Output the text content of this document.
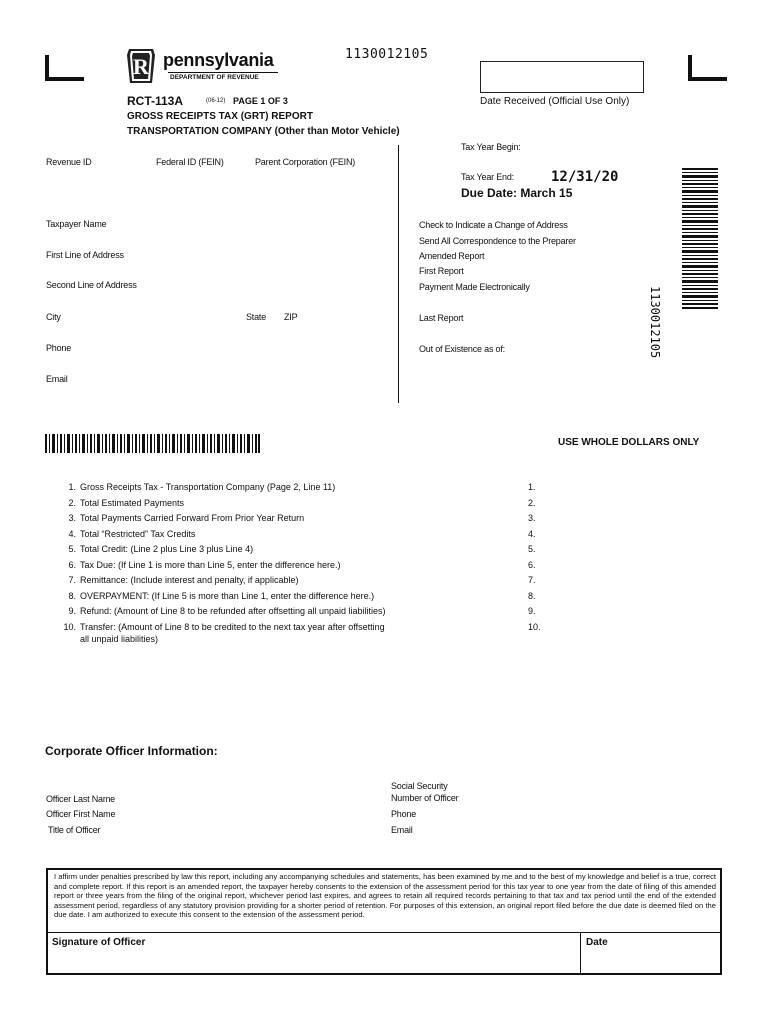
R pennsylvania
DEPARTMENT OF REVENUE
1130012105
Date Received (Official Use Only)
RCT-113A	(06-12) PAGE 1 OF 3
GROSS RECEIPTS TAX (GRT) REPORT
TRANSPORTATION COMPANY (Other than Motor Vehicle)
Revenue ID	Federal ID (FEIN)	Parent Corporation (FEIN)
Taxpayer Name
First Line of Address
Second Line of Address
City	State ZIP
Phone
Email
Tax Year Begin:
Tax Year End:	12/31/20
Due Date: March 15
Check to Indicate a Change of Address
Send All Correspondence to the Preparer
Amended Report
First Report
Payment Made Electronically
Last Report
Out of Existence as of:	1130012105
USE WHOLE DOLLARS ONLY
1. Gross Receipts Tax - Transportation Company (Page 2, Line 11)	1.
2. Total Estimated Payments	2.
3. Total Payments Carried Forward From Prior Year Return	3.
4. Total “Restricted” Tax Credits	4.
5. Total Credit: (Line 2 plus Line 3 plus Line 4)	5.
6. Tax Due: (If Line 1 is more than Line 5, enter the difference here.)	6.
7. Remittance: (Include interest and penalty, if applicable)	7.
8. OVERPAYMENT: (If Line 5 is more than Line 1, enter the difference here.)	8.
9. Refund: (Amount of Line 8 to be refunded after offsetting all unpaid liabilities)	9.
10. Transfer: (Amount of Line 8 to be credited to the next tax year after offsetting	10.
all unpaid liabilities)
Corporate Officer Information:
Officer Last Name
Officer First Name
Title of Officer
Social Security
Number of Officer
Phone
Email
I affirm under penalties prescribed by law this report, including any accompanying schedules and statements, has been examined by me and to the best of my knowledge and belief is a true, correct and complete report. If this report is an amended report, the taxpayer hereby consents to the extension of the assessment period for this tax year to one year from the date of filing of this amended report or three years from the filing of the original report, whichever period last expires, and agrees to retain all required records pertaining to that tax and tax period until the end of the extended assessment period, regardless of any statutory provision providing for a shorter period of retention. For purposes of this extension, an original report filed before the due date is deemed filed on the due date. I am authorized to execute this consent to the extension of the assessment period.
Signature of Officer	Date
